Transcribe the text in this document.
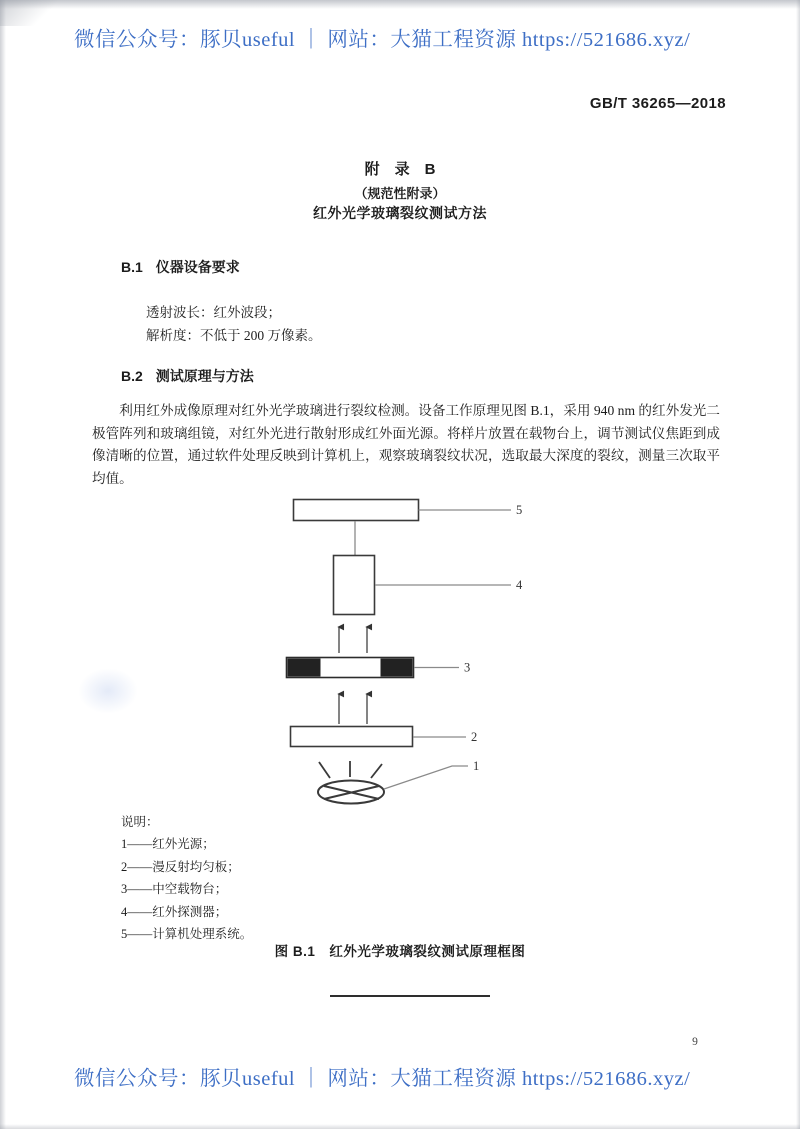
微信公众号：豚贝useful ｜ 网站：大猫工程资源 https://521686.xyz/
微信公众号：豚贝useful ｜ 网站：大猫工程资源 https://521686.xyz/
GB/T 36265—2018
附　录　B
（规范性附录）
红外光学玻璃裂纹测试方法
B.1 仪器设备要求
透射波长：红外波段；
解析度：不低于 200 万像素。
B.2 测试原理与方法
利用红外成像原理对红外光学玻璃进行裂纹检测。设备工作原理见图 B.1，采用 940 nm 的红外发光二极管阵列和玻璃组镜，对红外光进行散射形成红外面光源。将样片放置在载物台上，调节测试仪焦距到成像清晰的位置，通过软件处理反映到计算机上，观察玻璃裂纹状况，选取最大深度的裂纹，测量三次取平均值。
5
4
3
2
1
说明：
1——红外光源；
2——漫反射均匀板；
3——中空载物台；
4——红外探测器；
5——计算机处理系统。
图 B.1　红外光学玻璃裂纹测试原理框图
9
